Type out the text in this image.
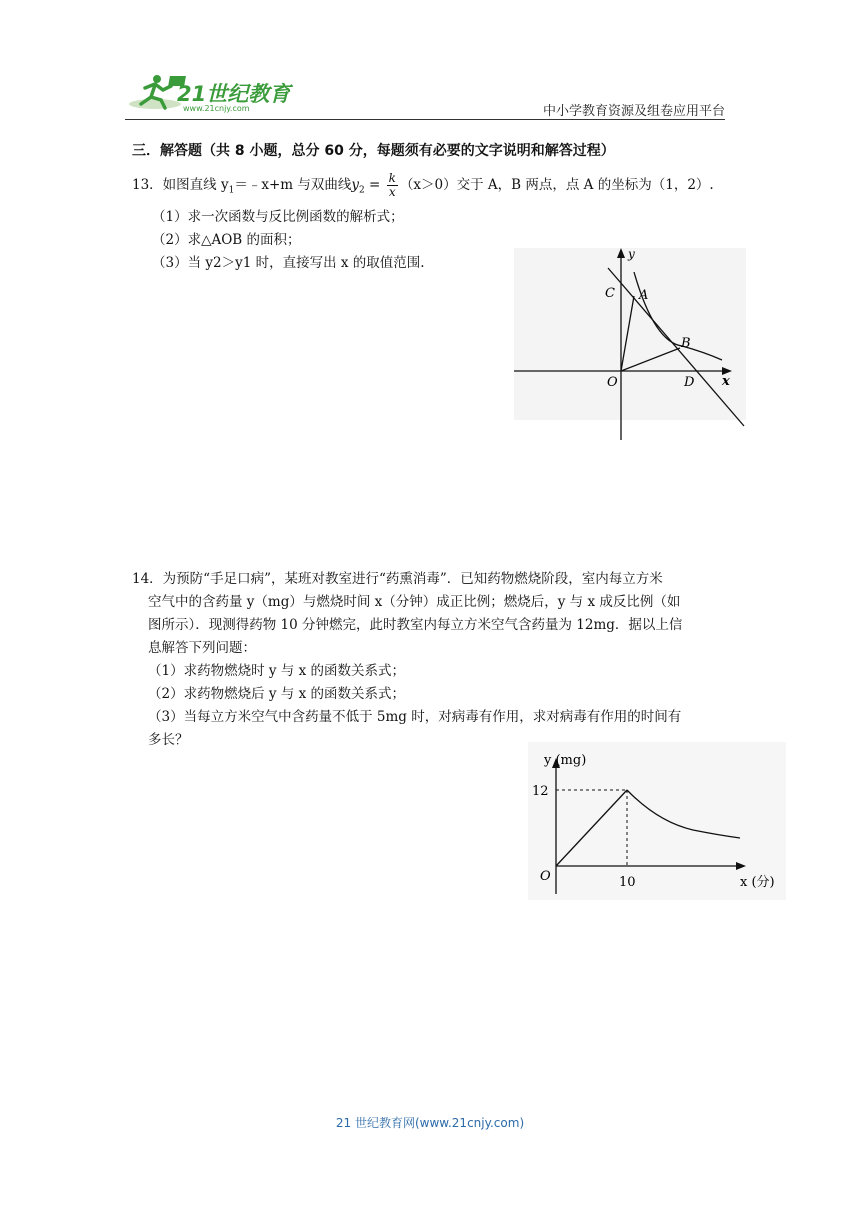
21世纪教育
www.21cnjy.com	中小学教育资源及组卷应用平台
三．解答题（共 8 小题，总分 60 分，每题须有必要的文字说明和解答过程）
13．如图直线 $y_1=﹣x+m$ 与双曲线$y_2 = \frac{k}{x} (x>0)$交于 A，B 两点，点 A 的坐标为（1，2）.
（1）求一次函数与反比例函数的解析式；
（2）求△AOB 的面积；
（3）当 y2＞y1 时，直接写出 x 的取值范围.
y
x
C A
B
O	D
14．为预防“手足口病”，某班对教室进行“药熏消毒”．已知药物燃烧阶段，室内每立方米
空气中的含药量 y（mg）与燃烧时间 x（分钟）成正比例；燃烧后，y 与 x 成反比例（如
图所示）．现测得药物 10 分钟燃完，此时教室内每立方米空气含药量为 12mg．据以上信
息解答下列问题：
（1）求药物燃烧时 y 与 x 的函数关系式；
（2）求药物燃烧后 y 与 x 的函数关系式；
（3）当每立方米空气中含药量不低于 5mg 时，对病毒有作用，求对病毒有作用的时间有
多长？
y (mg)
12
O	10	x (分)
21 世纪教育网(www.21cnjy.com)
